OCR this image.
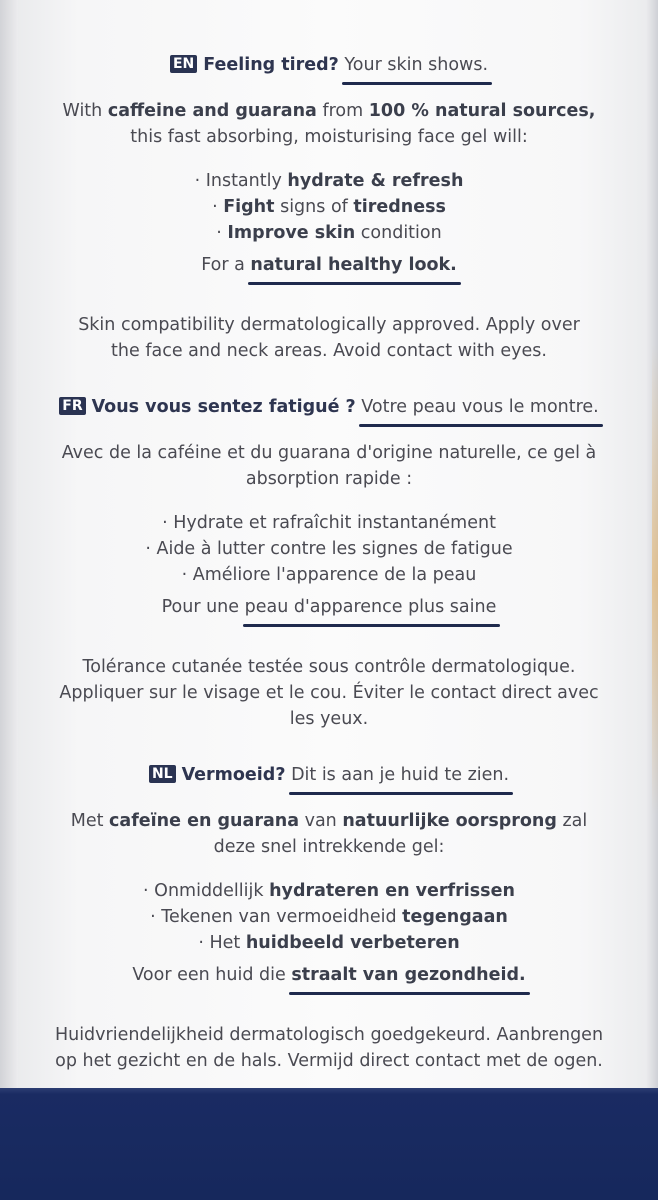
EN Feeling tired? Your skin shows.
With caffeine and guarana from 100 % natural sources,
this fast absorbing, moisturising face gel will:

· Instantly hydrate & refresh

· Fight signs of tiredness

· Improve skin condition

For a natural healthy look.

Skin compatibility dermatologically approved. Apply over the face and neck areas. Avoid contact with eyes.

FR Vous vous sentez fatigué ? Votre peau vous le montre.

Avec de la caféine et du guarana d'origine naturelle, ce gel à absorption rapide :

· Hydrate et rafraîchit instantanément

· Aide à lutter contre les signes de fatigue

· Améliore l'apparence de la peau

Pour une peau d'apparence plus saine

Tolérance cutanée testée sous contrôle dermatologique. Appliquer sur le visage et le cou. Éviter le contact direct avec les yeux.

NL Vermoeid? Dit is aan je huid te zien.

Met cafeïne en guarana van natuurlijke oorsprong zal deze snel intrekkende gel:

· Onmiddellijk hydrateren en verfrissen

· Tekenen van vermoeidheid tegengaan

· Het huidbeeld verbeteren

Voor een huid die straalt van gezondheid.

Huidvriendelijkheid dermatologisch goedgekeurd. Aanbrengen op het gezicht en de hals. Vermijd direct contact met de ogen.
